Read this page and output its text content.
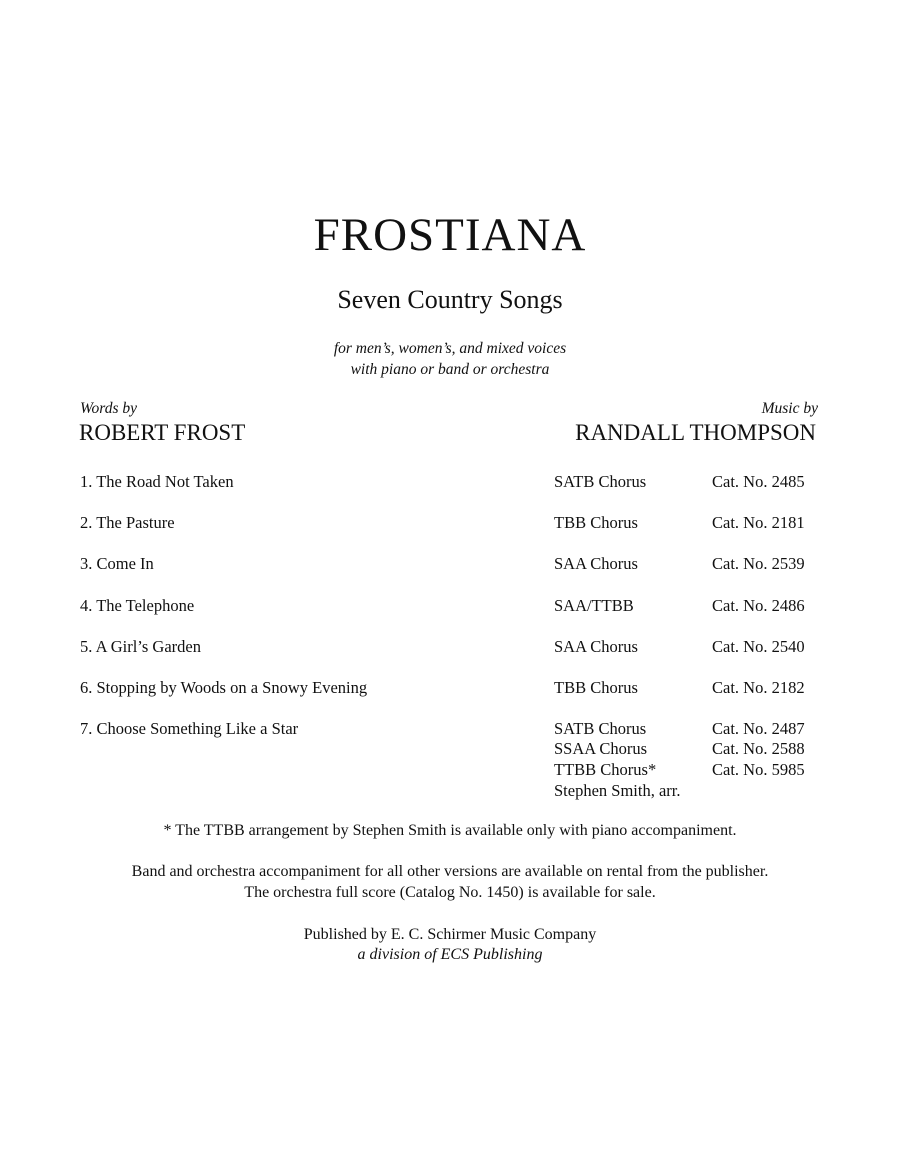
FROSTIANA
Seven Country Songs
for men’s, women’s, and mixed voices
with piano or band or orchestra
Words by
ROBERT FROST
Music by
RANDALL THOMPSON
1. The Road Not Taken	SATB Chorus	Cat. No. 2485
2. The Pasture	TBB Chorus	Cat. No. 2181
3. Come In	SAA Chorus	Cat. No. 2539
4. The Telephone	SAA/TTBB	Cat. No. 2486
5. A Girl’s Garden	SAA Chorus	Cat. No. 2540
6. Stopping by Woods on a Snowy Evening	TBB Chorus	Cat. No. 2182
7. Choose Something Like a Star	SATB Chorus	Cat. No. 2487
SSAA Chorus	Cat. No. 2588
TTBB Chorus*	Cat. No. 5985
Stephen Smith, arr.
* The TTBB arrangement by Stephen Smith is available only with piano accompaniment.
Band and orchestra accompaniment for all other versions are available on rental from the publisher.
The orchestra full score (Catalog No. 1450) is available for sale.
Published by E. C. Schirmer Music Company
a division of ECS Publishing
